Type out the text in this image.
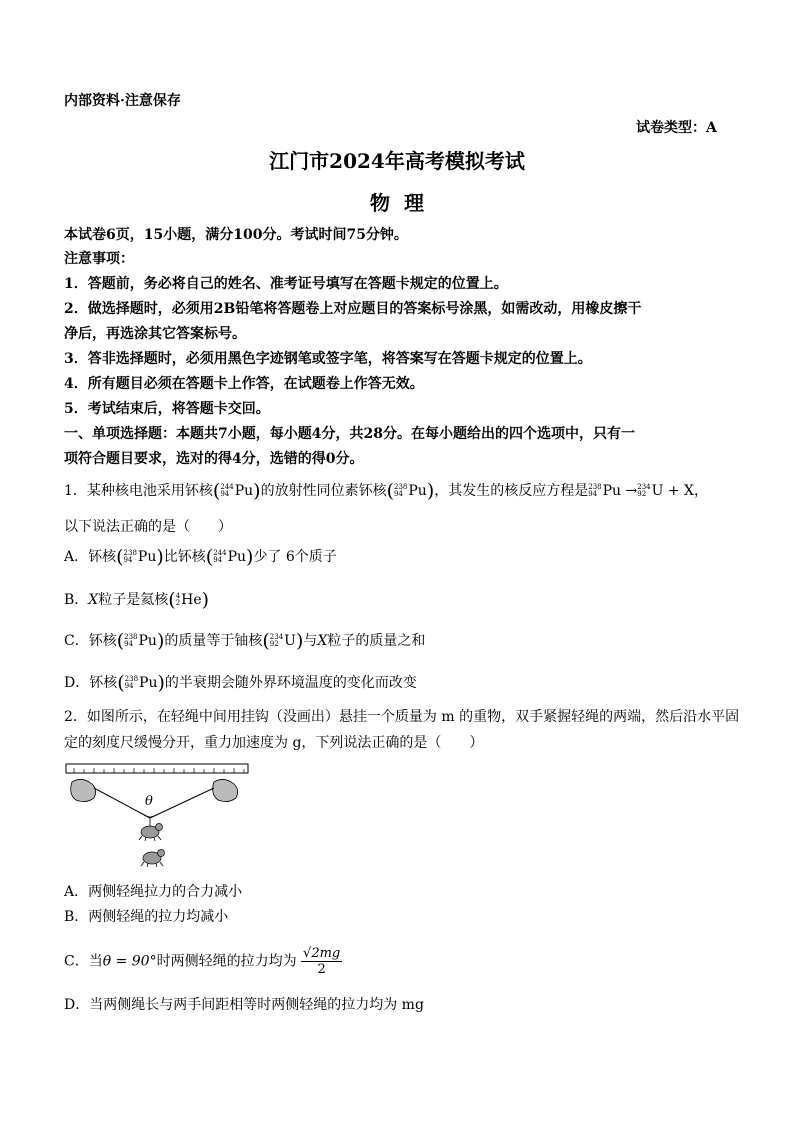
内部资料·注意保存
试卷类型：A
江门市2024年高考模拟考试
物  理
本试卷6页，15小题，满分100分。考试时间75分钟。
注意事项：
1．答题前，务必将自己的姓名、准考证号填写在答题卡规定的位置上。
2．做选择题时，必须用2B铅笔将答题卷上对应题目的答案标号涂黑，如需改动，用橡皮擦干
净后，再选涂其它答案标号。
3．答非选择题时，必须用黑色字迹钢笔或签字笔，将答案写在答题卡规定的位置上。
4．所有题目必须在答题卡上作答，在试题卷上作答无效。
5．考试结束后，将答题卡交回。
一、单项选择题：本题共7小题，每小题4分，共28分。在每小题给出的四个选项中，只有一
项符合题目要求，选对的得4分，选错的得0分。
1．某种核电池采用钚核( 244
94 Pu)的放射性同位素钚核( 238
94 Pu)，其发生的核反应方程是 238
94 Pu → 234
92 U + X，
以下说法正确的是（　　）
A．钚核( 238
94 Pu)比钚核( 244
94 Pu)少了 6个质子
B．X粒子是氦核( 4
2 He)
C．钚核( 238
94 Pu)的质量等于铀核( 234
92 U)与X粒子的质量之和
D．钚核( 238
94 Pu)的半衰期会随外界环境温度的变化而改变
2．如图所示，在轻绳中间用挂钩（没画出）悬挂一个质量为 m 的重物，双手紧握轻绳的两端，然后沿水平固
定的刻度尺缓慢分开，重力加速度为 g，下列说法正确的是（　　）
θ
A．两侧轻绳拉力的合力减小
B．两侧轻绳的拉力均减小
C．当θ = 90°时两侧轻绳的拉力均为 $\frac{√2mg}{2}$
D．当两侧绳长与两手间距相等时两侧轻绳的拉力均为 mg
